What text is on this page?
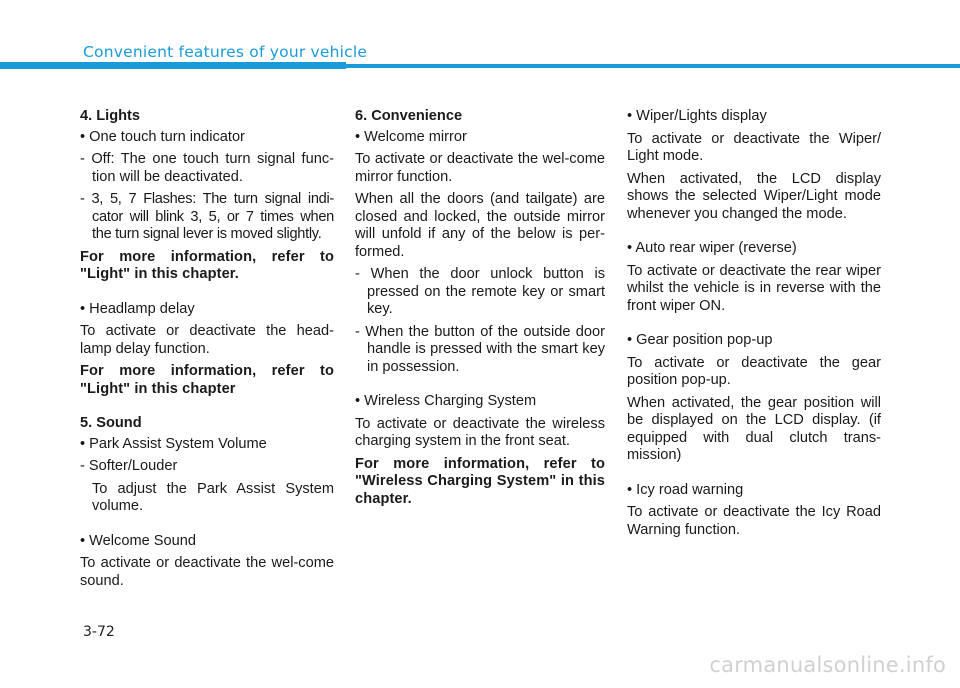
Convenient features of your vehicle

4. Lights

• One touch turn indicator

- Off: The one touch turn signal func-tion will be deactivated.

- 3, 5, 7 Flashes: The turn signal indi-cator will blink 3, 5, or 7 times when the turn signal lever is moved slightly.

For more information, refer to "Light" in this chapter.

• Headlamp delay

To activate or deactivate the head-lamp delay function.

For more information, refer to "Light" in this chapter

5. Sound

• Park Assist System Volume

- Softer/Louder

To adjust the Park Assist System volume.

• Welcome Sound

To activate or deactivate the wel-come sound.

6. Convenience

• Welcome mirror

To activate or deactivate the wel-come mirror function.

When all the doors (and tailgate) are closed and locked, the outside mirror will unfold if any of the below is per-formed.

- When the door unlock button is pressed on the remote key or smart key.

- When the button of the outside door handle is pressed with the smart key in possession.

• Wireless Charging System

To activate or deactivate the wireless charging system in the front seat.

For more information, refer to "Wireless Charging System" in this chapter.

• Wiper/Lights display

To activate or deactivate the Wiper/ Light mode.

When activated, the LCD display shows the selected Wiper/Light mode whenever you changed the mode.

• Auto rear wiper (reverse)

To activate or deactivate the rear wiper whilst the vehicle is in reverse with the front wiper ON.

• Gear position pop-up

To activate or deactivate the gear position pop-up.

When activated, the gear position will be displayed on the LCD display. (if equipped with dual clutch trans-mission)

• Icy road warning

To activate or deactivate the Icy Road Warning function.

3-72
carmanualsonline.info
